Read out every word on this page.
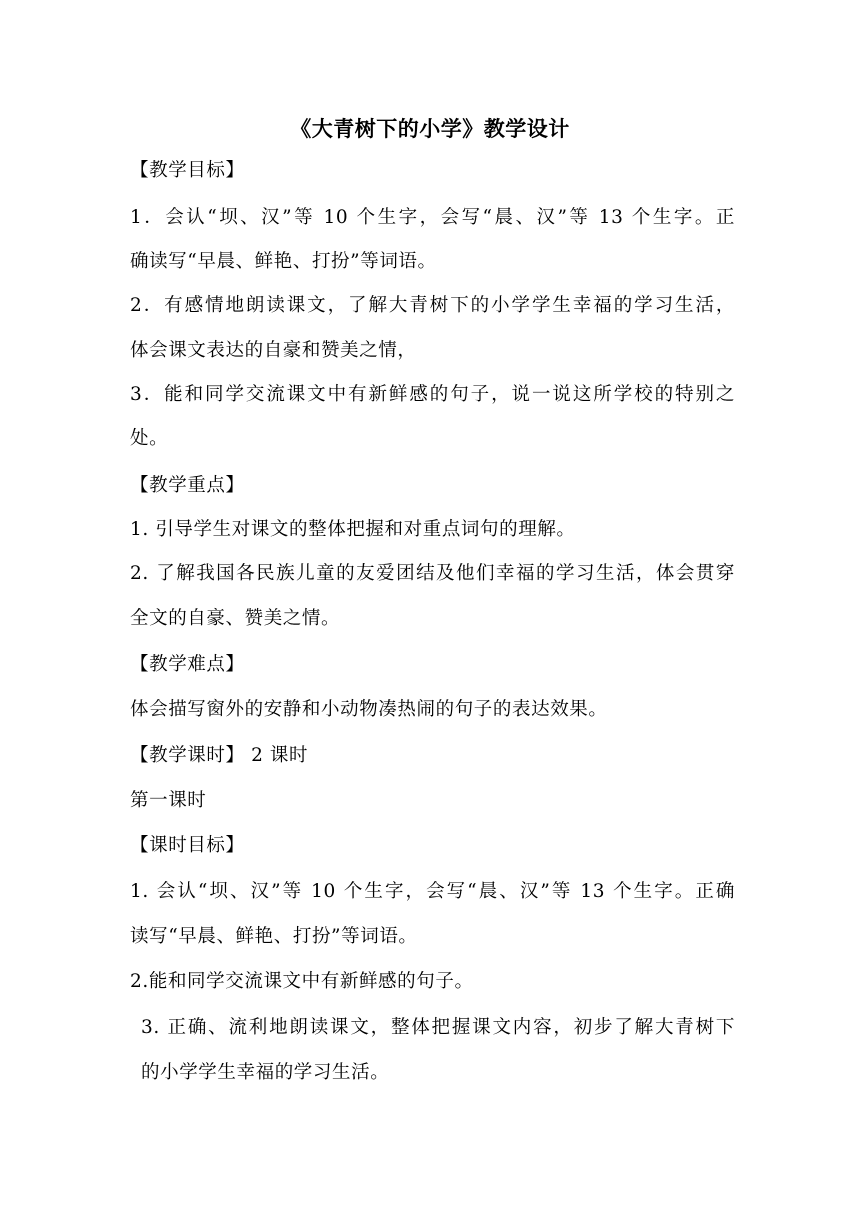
《大青树下的小学》教学设计
【教学目标】
1．会认“坝、汉”等 10 个生字，会写“晨、汉”等 13 个生字。正
确读写“早晨、鲜艳、打扮”等词语。
2．有感情地朗读课文，了解大青树下的小学学生幸福的学习生活，
体会课文表达的自豪和赞美之情，
3．能和同学交流课文中有新鲜感的句子，说一说这所学校的特别之
处。
【教学重点】
1. 引导学生对课文的整体把握和对重点词句的理解。
2. 了解我国各民族儿童的友爱团结及他们幸福的学习生活，体会贯穿
全文的自豪、赞美之情。
【教学难点】
体会描写窗外的安静和小动物凑热闹的句子的表达效果。
【教学课时】 2 课时
第一课时
【课时目标】
1. 会认“坝、汉”等 10 个生字，会写“晨、汉”等 13 个生字。正确
读写“早晨、鲜艳、打扮”等词语。
2.能和同学交流课文中有新鲜感的句子。
3. 正确、流利地朗读课文，整体把握课文内容，初步了解大青树下
的小学学生幸福的学习生活。
